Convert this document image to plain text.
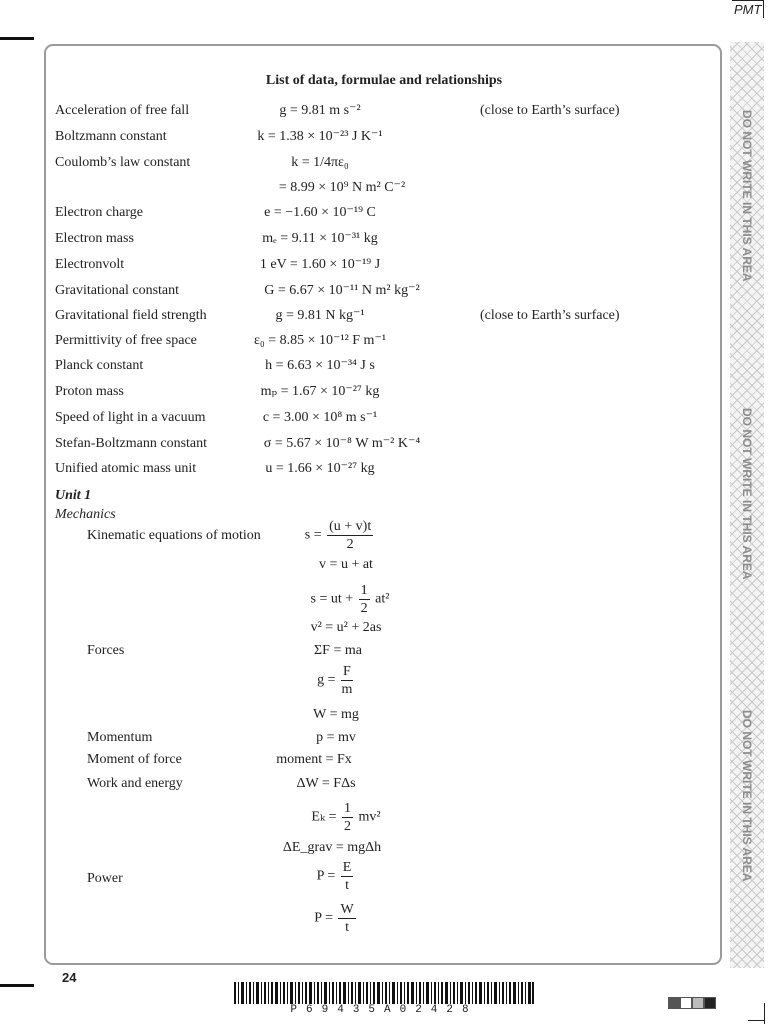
PMT
DO NOT WRITE IN THIS AREA
DO NOT WRITE IN THIS AREA
DO NOT WRITE IN THIS AREA
List of data, formulae and relationships
Acceleration of free fall	g = 9.81 m s⁻²	(close to Earth’s surface)
Boltzmann constant	k = 1.38 × 10⁻²³ J K⁻¹
Coulomb’s law constant	k = 1/4πε₀
= 8.99 × 10⁹ N m² C⁻²
Electron charge	e = −1.60 × 10⁻¹⁹ C
Electron mass	mₑ = 9.11 × 10⁻³¹ kg
Electronvolt	1 eV = 1.60 × 10⁻¹⁹ J
Gravitational constant	G = 6.67 × 10⁻¹¹ N m² kg⁻²
Gravitational field strength	g = 9.81 N kg⁻¹	(close to Earth’s surface)
Permittivity of free space	ε₀ = 8.85 × 10⁻¹² F m⁻¹
Planck constant	h = 6.63 × 10⁻³⁴ J s
Proton mass	mₚ = 1.67 × 10⁻²⁷ kg
Speed of light in a vacuum	c = 3.00 × 10⁸ m s⁻¹
Stefan-Boltzmann constant	σ = 5.67 × 10⁻⁸ W m⁻² K⁻⁴
Unified atomic mass unit	u = 1.66 × 10⁻²⁷ kg
Unit 1
Mechanics
Kinematic equations of motion	$s = \frac{(u + v)t}{2}$
v = u + at
s = ut + $\frac{1}{2} at^2$
v² = u² + 2as
Forces	ΣF = ma
$g = \frac{F}{m}$
W = mg
Momentum	p = mv
Moment of force	moment = Fx
Work and energy	ΔW = FΔs
$E_k = \frac{1}{2} mv^2$
ΔE_grav = mgΔh
Power	$P = \frac{E}{t}$
$P = \frac{W}{t}$
24
P69435A02428
